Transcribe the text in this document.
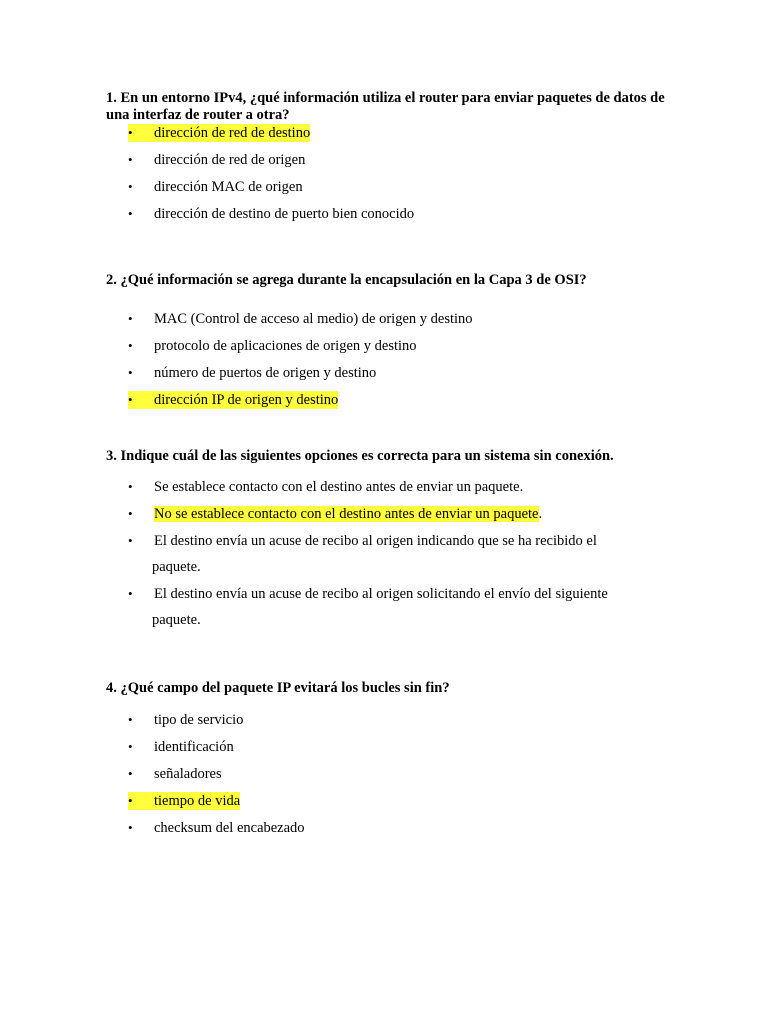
1. En un entorno IPv4, ¿qué información utiliza el router para enviar paquetes de datos de una interfaz de router a otra?
• dirección de red de destino
• dirección de red de origen
• dirección MAC de origen
• dirección de destino de puerto bien conocido
2. ¿Qué información se agrega durante la encapsulación en la Capa 3 de OSI?
• MAC (Control de acceso al medio) de origen y destino
• protocolo de aplicaciones de origen y destino
• número de puertos de origen y destino
• dirección IP de origen y destino
3. Indique cuál de las siguientes opciones es correcta para un sistema sin conexión.
• Se establece contacto con el destino antes de enviar un paquete.
• No se establece contacto con el destino antes de enviar un paquete.
• El destino envía un acuse de recibo al origen indicando que se ha recibido el
paquete.
• El destino envía un acuse de recibo al origen solicitando el envío del siguiente
paquete.
4. ¿Qué campo del paquete IP evitará los bucles sin fin?
• tipo de servicio
• identificación
• señaladores
• tiempo de vida
• checksum del encabezado
